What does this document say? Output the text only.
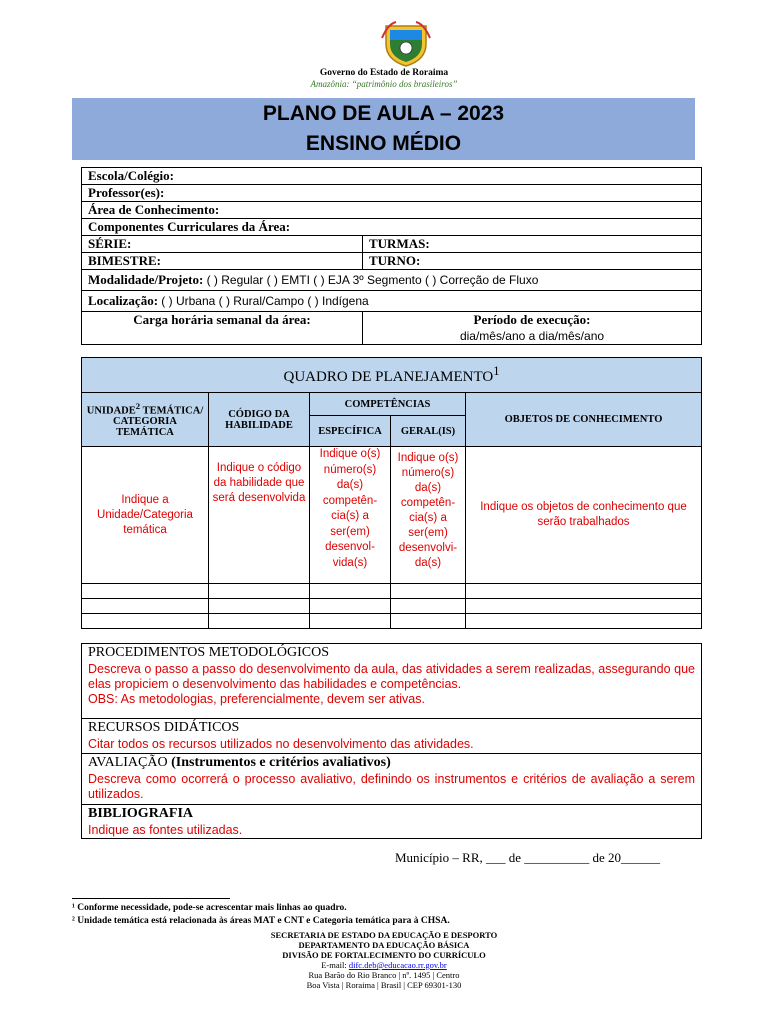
Governo do Estado de Roraima
Amazônia: “patrimônio dos brasileiros”
PLANO DE AULA – 2023
ENSINO MÉDIO
Escola/Colégio:	
Professor(es):	
Área de Conhecimento:	
Componentes Curriculares da Área:	
SÉRIE:	TURMAS:
BIMESTRE:	TURNO:
Modalidade/Projeto: ( ) Regular ( ) EMTI ( ) EJA 3º Segmento ( ) Correção de Fluxo	
Localização: ( ) Urbana ( ) Rural/Campo ( ) Indígena	
Carga horária semanal da área:	Período de execução:
dia/mês/ano a dia/mês/ano
QUADRO DE PLANEJAMENTO$^1$
UNIDADE$^2$ TEMÁTICA/ CATEGORIA TEMÁTICA	CÓDIGO DA HABILIDADE	COMPETÊNCIAS		OBJETOS DE CONHECIMENTO
		ESPECÍFICA	GERAL(IS)	
Indique a Unidade/Categoria temática	Indique o código da habilidade que será desenvolvida	Indique o(s) número(s) da(s) competên-cia(s) a ser(em) desenvol-vida(s)	Indique o(s) número(s) da(s) competên-cia(s) a ser(em) desenvolvi-da(s)	Indique os objetos de conhecimento que serão trabalhados

PROCEDIMENTOS METODOLÓGICOS
Descreva o passo a passo do desenvolvimento da aula, das atividades a serem realizadas, assegurando que elas propiciem o desenvolvimento das habilidades e competências.
OBS: As metodologias, preferencialmente, devem ser ativas.

RECURSOS DIDÁTICOS
Citar todos os recursos utilizados no desenvolvimento das atividades.

AVALIAÇÃO (Instrumentos e critérios avaliativos)
Descreva como ocorrerá o processo avaliativo, definindo os instrumentos e critérios de avaliação a serem utilizados.

BIBLIOGRAFIA
Indique as fontes utilizadas.
Município – RR, ___ de __________ de 20______
¹ Conforme necessidade, pode-se acrescentar mais linhas ao quadro.
² Unidade temática está relacionada às áreas MAT e CNT e Categoria temática para à CHSA.
SECRETARIA DE ESTADO DA EDUCAÇÃO E DESPORTO
DEPARTAMENTO DA EDUCAÇÃO BÁSICA
DIVISÃO DE FORTALECIMENTO DO CURRÍCULO
E-mail: difc.deb@educacao.rr.gov.br
Rua Barão do Rio Branco | nº. 1495 | Centro
Boa Vista | Roraima | Brasil | CEP 69301-130
